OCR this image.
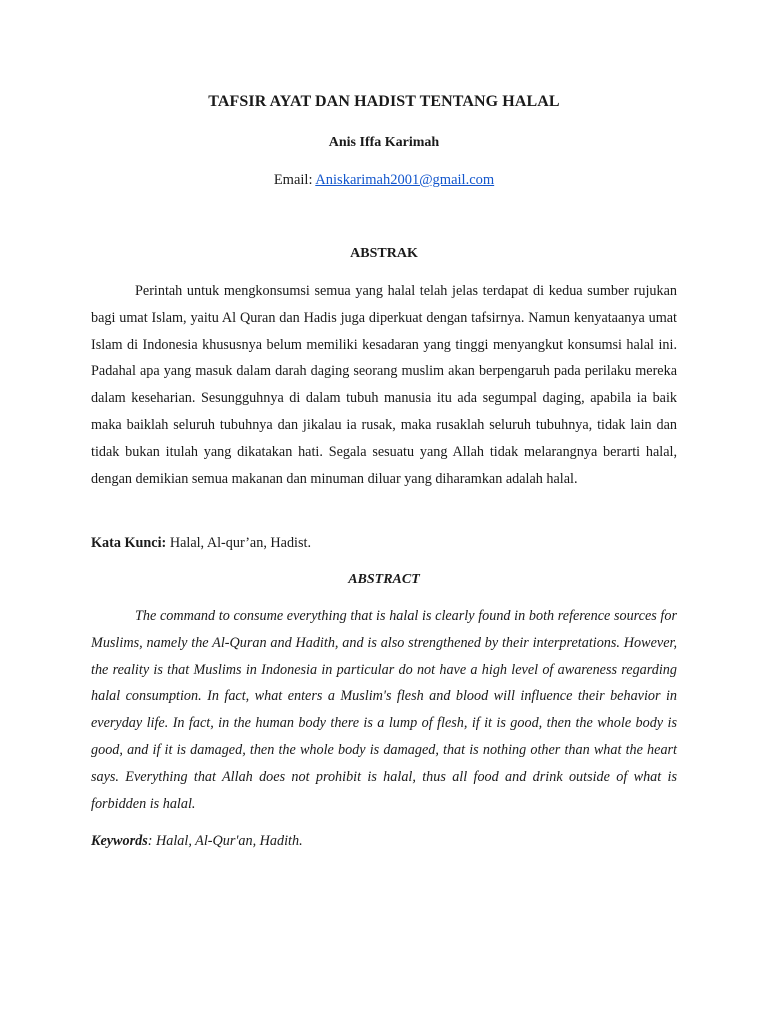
TAFSIR AYAT DAN HADIST TENTANG HALAL
Anis Iffa Karimah
Email: Aniskarimah2001@gmail.com
ABSTRAK
Perintah untuk mengkonsumsi semua yang halal telah jelas terdapat di kedua sumber rujukan bagi umat Islam, yaitu Al Quran dan Hadis juga diperkuat dengan tafsirnya. Namun kenyataanya umat Islam di Indonesia khususnya belum memiliki kesadaran yang tinggi menyangkut konsumsi halal ini. Padahal apa yang masuk dalam darah daging seorang muslim akan berpengaruh pada perilaku mereka dalam keseharian. Sesungguhnya di dalam tubuh manusia itu ada segumpal daging, apabila ia baik maka baiklah seluruh tubuhnya dan jikalau ia rusak, maka rusaklah seluruh tubuhnya, tidak lain dan tidak bukan itulah yang dikatakan hati. Segala sesuatu yang Allah tidak melarangnya berarti halal, dengan demikian semua makanan dan minuman diluar yang diharamkan adalah halal.
Kata Kunci: Halal, Al-qur’an, Hadist.
ABSTRACT
The command to consume everything that is halal is clearly found in both reference sources for Muslims, namely the Al-Quran and Hadith, and is also strengthened by their interpretations. However, the reality is that Muslims in Indonesia in particular do not have a high level of awareness regarding halal consumption. In fact, what enters a Muslim's flesh and blood will influence their behavior in everyday life. In fact, in the human body there is a lump of flesh, if it is good, then the whole body is good, and if it is damaged, then the whole body is damaged, that is nothing other than what the heart says. Everything that Allah does not prohibit is halal, thus all food and drink outside of what is forbidden is halal.
Keywords: Halal, Al-Qur'an, Hadith.
